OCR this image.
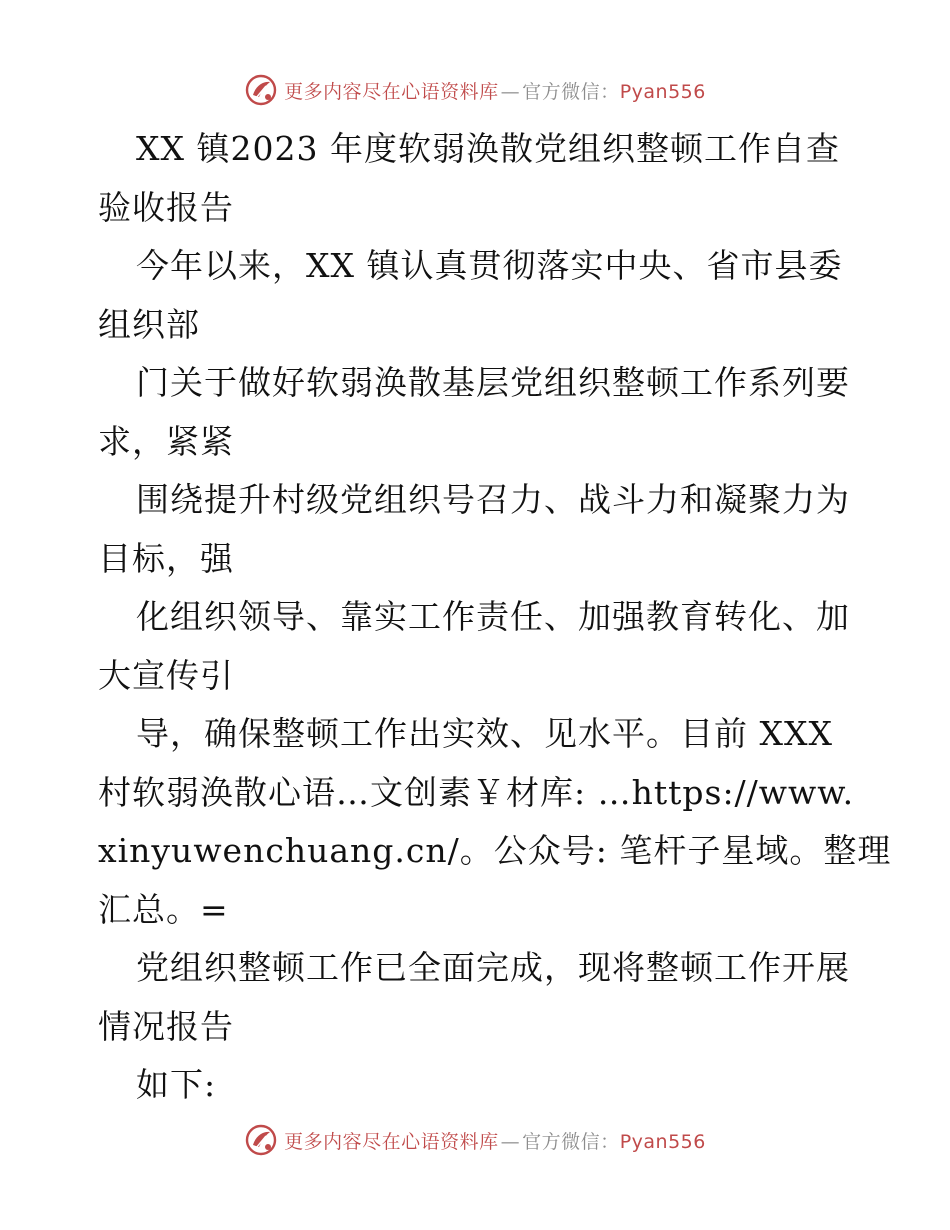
更多内容尽在心语资料库 — 官方微信：Pyan556
XX 镇2023 年度软弱涣散党组织整顿工作自查
验收报告
今年以来，XX 镇认真贯彻落实中央、省市县委
组织部
门关于做好软弱涣散基层党组织整顿工作系列要
求，紧紧
围绕提升村级党组织号召力、战斗力和凝聚力为
目标，强
化组织领导、靠实工作责任、加强教育转化、加
大宣传引
导，确保整顿工作出实效、见水平。目前 XXX
村软弱涣散心语…文创素￥材库: …https://www.
xinyuwenchuang.cn/。公众号: 笔杆子星域。整理
汇总。=
党组织整顿工作已全面完成，现将整顿工作开展
情况报告
如下:
更多内容尽在心语资料库 — 官方微信：Pyan556
